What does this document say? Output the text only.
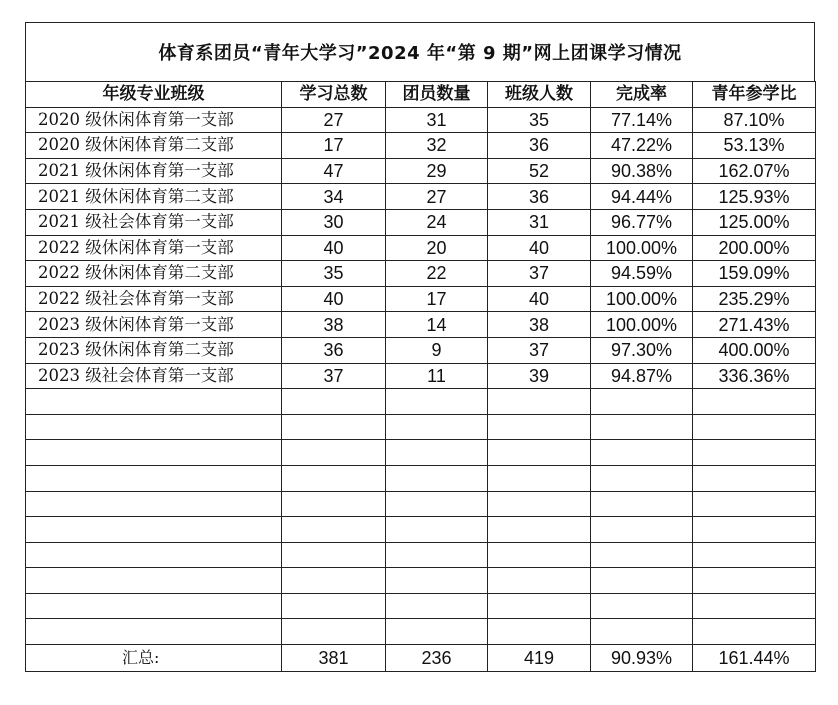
体育系团员“青年大学习”2024 年“第 9 期”网上团课学习情况
年级专业班级	学习总数	团员数量	班级人数	完成率	青年参学比
2020 级休闲体育第一支部	27	31	35	77.14%	87.10%
2020 级休闲体育第二支部	17	32	36	47.22%	53.13%
2021 级休闲体育第一支部	47	29	52	90.38%	162.07%
2021 级休闲体育第二支部	34	27	36	94.44%	125.93%
2021 级社会体育第一支部	30	24	31	96.77%	125.00%
2022 级休闲体育第一支部	40	20	40	100.00%	200.00%
2022 级休闲体育第二支部	35	22	37	94.59%	159.09%
2022 级社会体育第一支部	40	17	40	100.00%	235.29%
2023 级休闲体育第一支部	38	14	38	100.00%	271.43%
2023 级休闲体育第二支部	36	9	37	97.30%	400.00%
2023 级社会体育第一支部	37	11	39	94.87%	336.36%

汇总:	381	236	419	90.93%	161.44%
